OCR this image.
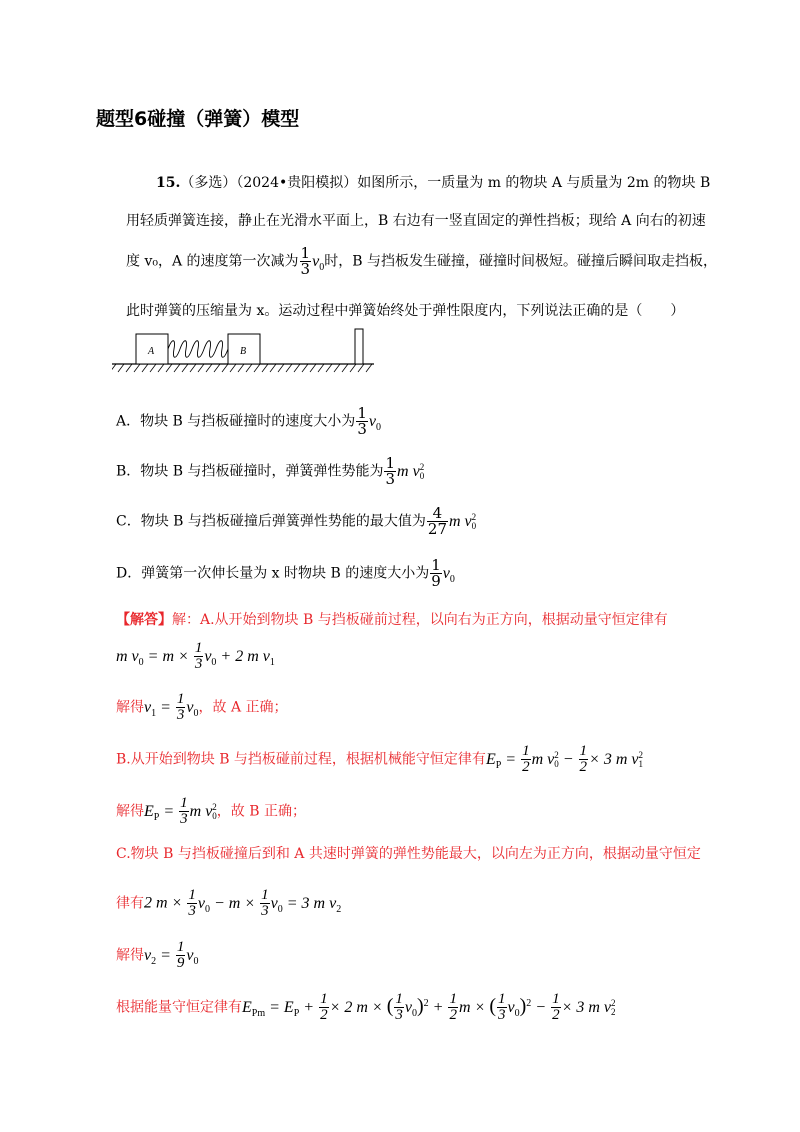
题型6碰撞（弹簧）模型
15.（多选）（2024•贵阳模拟）如图所示，一质量为 m 的物块 A 与质量为 2m 的物块 B
用轻质弹簧连接，静止在光滑水平面上，B 右边有一竖直固定的弹性挡板；现给 A 向右的初速
度 v₀，A 的速度第一次减为 $\frac{1}{3} v_0$时，B 与挡板发生碰撞，碰撞时间极短。碰撞后瞬间取走挡板，
此时弹簧的压缩量为 x。运动过程中弹簧始终处于弹性限度内，下列说法正确的是（　　）
A	B
A．物块 B 与挡板碰撞时的速度大小为 $\frac{1}{3} v_0$
B．物块 B 与挡板碰撞时，弹簧弹性势能为 $\frac{1}{3}$ m v 2
0
C．物块 B 与挡板碰撞后弹簧弹性势能的最大值为 $\frac{4}{27}$ m v 2
0
D．弹簧第一次伸长量为 x 时物块 B 的速度大小为 $\frac{1}{9} v_0$
【解答】解：A.从开始到物块 B 与挡板碰前过程，以向右为正方向，根据动量守恒定律有
m $v_0 = m \times \frac{1}{3} v_0 + 2$ m $v_1$
解得$v_1 = \frac{1}{3} v_0$，故 A 正确；
B.从开始到物块 B 与挡板碰前过程，根据机械能守恒定律有$E_P = \frac{1}{2}$ m v 2
$0 - \frac{1}{2} \times 3$ m v 2
1
解得$E_P = \frac{1}{3}$ m v 2
0 ，故 B 正确；
C.物块 B 与挡板碰撞后到和 A 共速时弹簧的弹性势能最大，以向左为正方向，根据动量守恒定
律有2 $m \times \frac{1}{3} v_0 - m \times \frac{1}{3} v_0 = 3$ m $v_2$
解得$v_2 = \frac{1}{9} v_0$
根据能量守恒定律有$E_{Pm} = E_P + \frac{1}{2} \times 2$ m × ( $\frac{1}{3} v_0)^2 + \frac{1}{2}$ m × ( $\frac{1}{3} v_0)^2 - \frac{1}{2} \times 3$ m v 2
2
